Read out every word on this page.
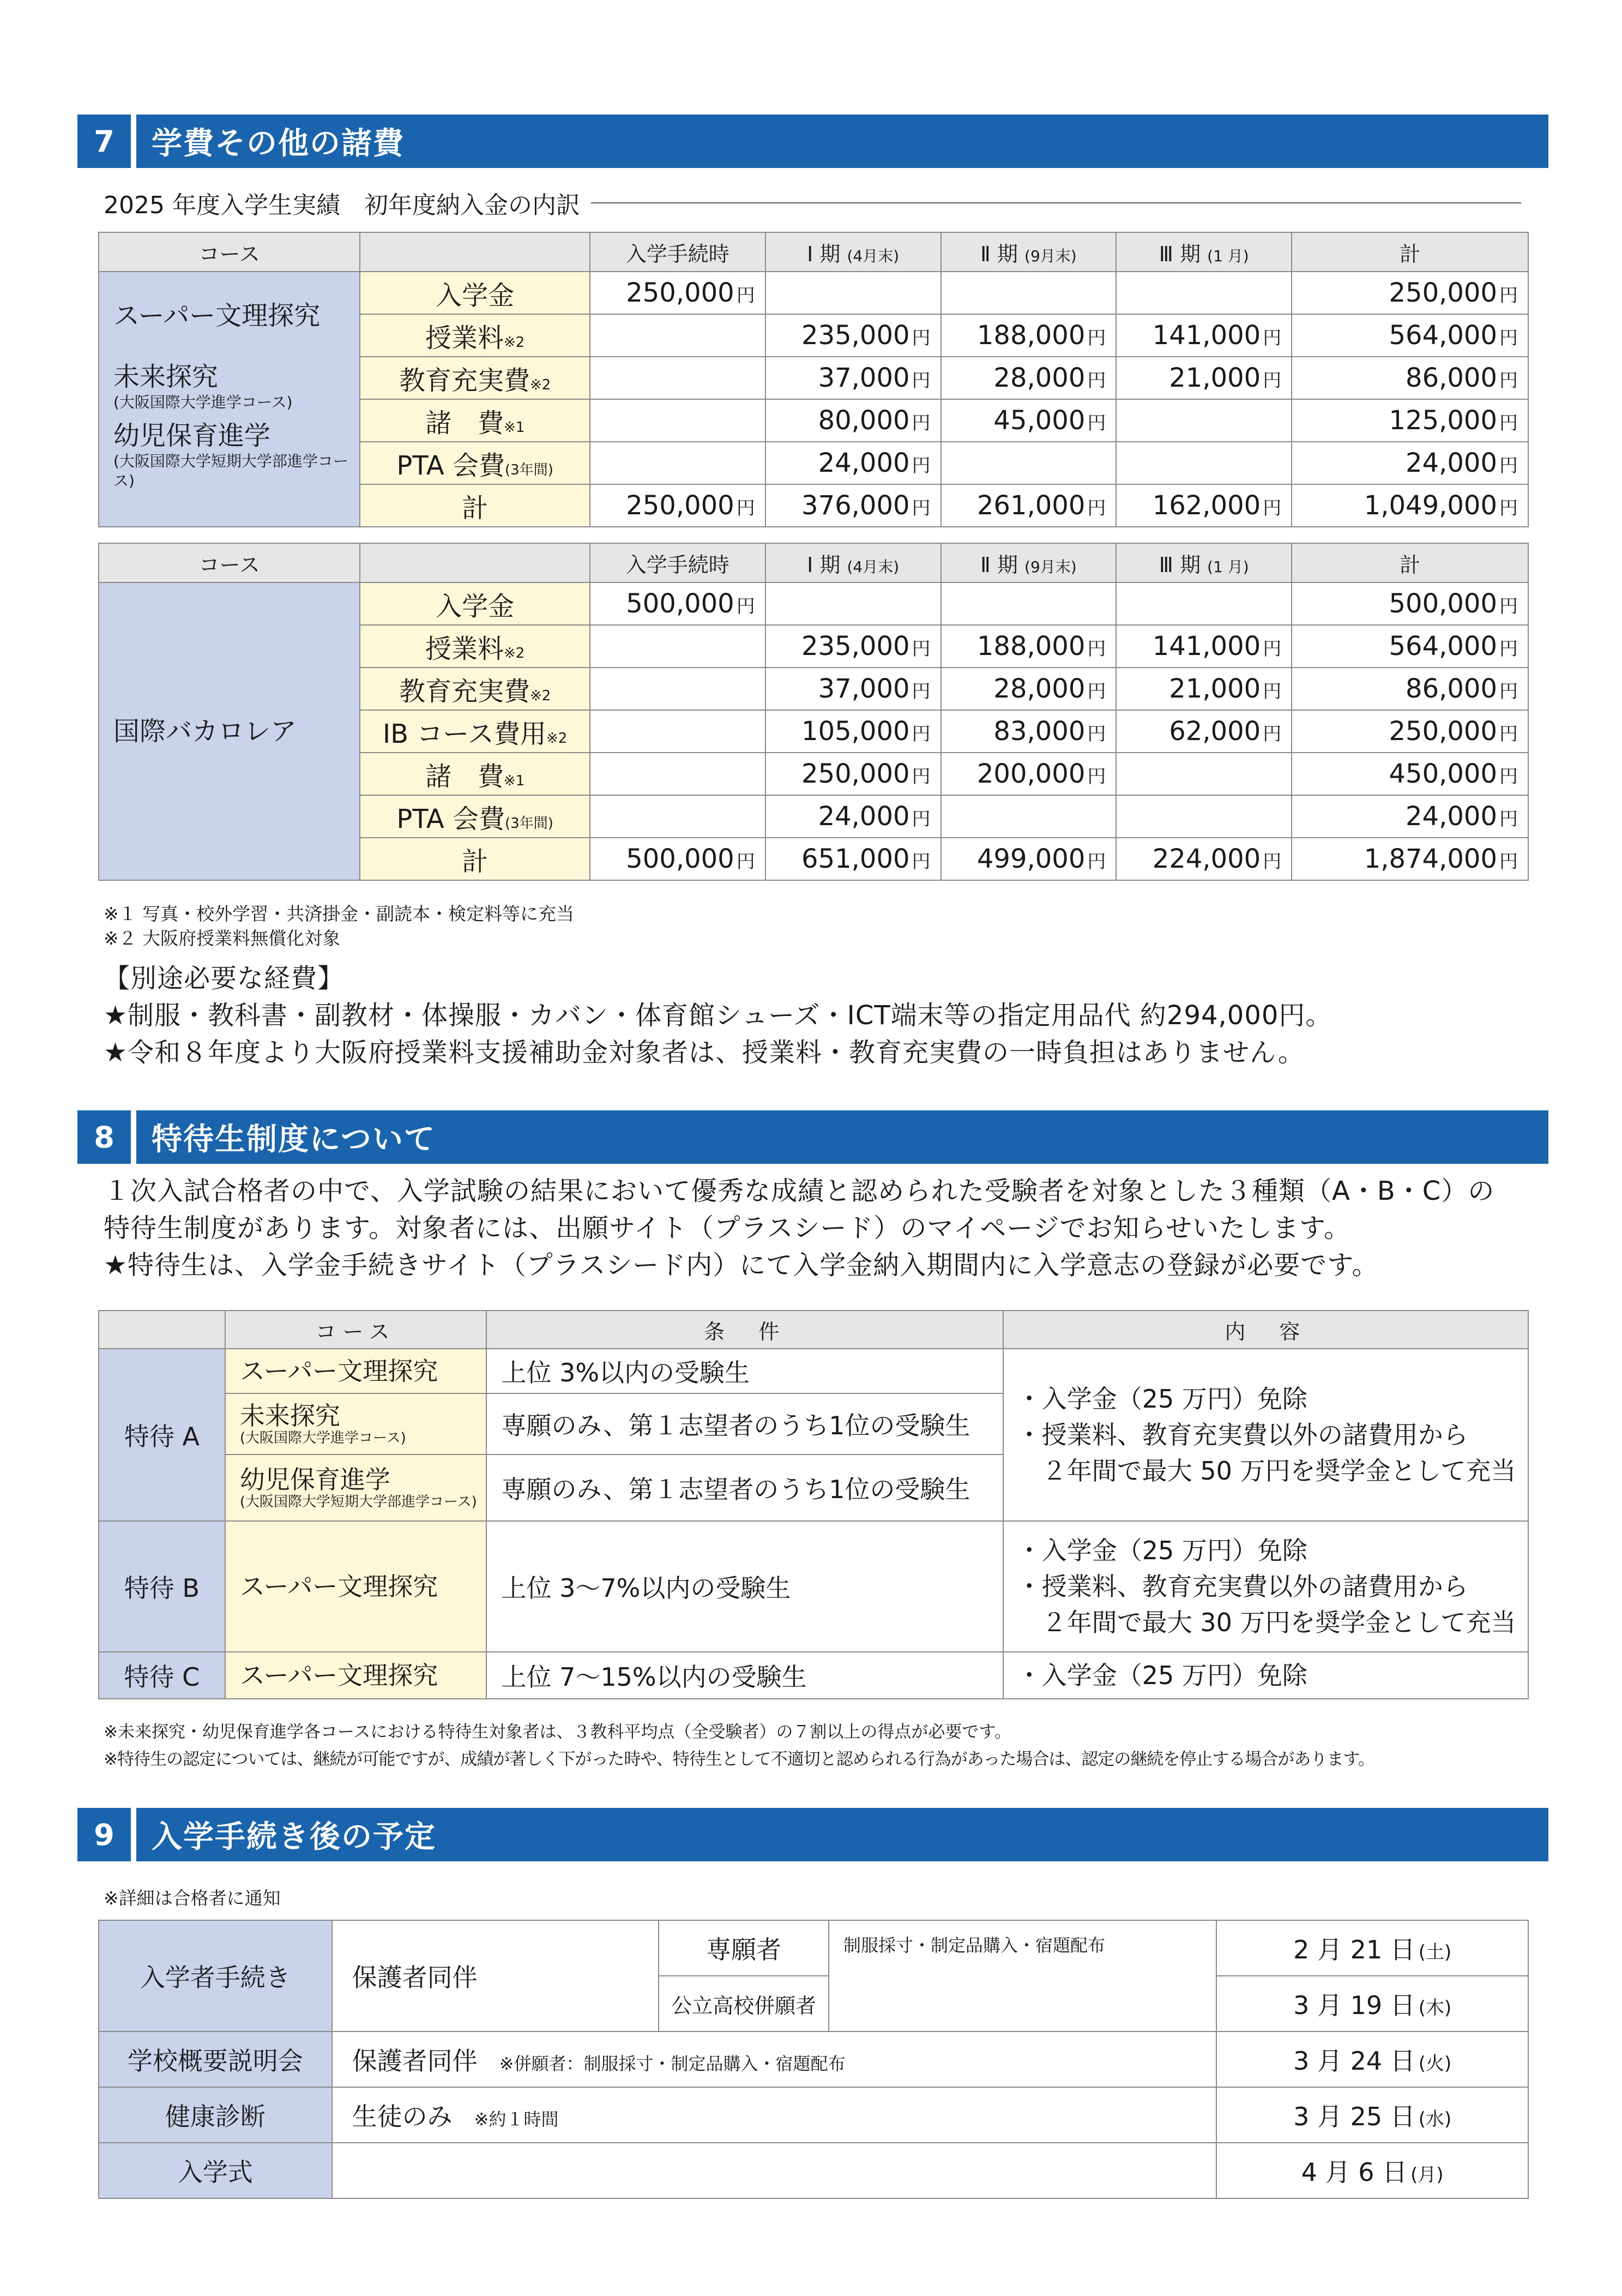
7	学費その他の諸費
2025 年度入学生実績　初年度納入金の内訳
コース		入学手続時	Ⅰ 期 (4月末)	Ⅱ 期 (9月末)	Ⅲ 期 (1 月)	計

スーパー文理探究
未来探究
(大阪国際大学進学コース)
幼児保育進学
(大阪国際大学短期大学部進学コース)	入学金	250,000 円				250,000 円
	授業料※2		235,000 円	188,000 円	141,000 円	564,000 円
	教育充実費※2		37,000 円	28,000 円	21,000 円	86,000 円
	諸　費※1		80,000 円	45,000 円		125,000 円
	PTA 会費(3年間)		24,000 円			24,000 円
	計	250,000 円	376,000 円	261,000 円	162,000 円	1,049,000 円
コース		入学手続時	Ⅰ 期 (4月末)	Ⅱ 期 (9月末)	Ⅲ 期 (1 月)	計

国際バカロレア	入学金	500,000 円				500,000 円
	授業料※2		235,000 円	188,000 円	141,000 円	564,000 円
	教育充実費※2		37,000 円	28,000 円	21,000 円	86,000 円
	IB コース費用※2		105,000 円	83,000 円	62,000 円	250,000 円
	諸　費※1		250,000 円	200,000 円		450,000 円
	PTA 会費(3年間)		24,000 円			24,000 円
	計	500,000 円	651,000 円	499,000 円	224,000 円	1,874,000 円
※１ 写真・校外学習・共済掛金・副読本・検定料等に充当
※２ 大阪府授業料無償化対象
【別途必要な経費】
★制服・教科書・副教材・体操服・カバン・体育館シューズ・ICT端末等の指定用品代 約294,000円。
★令和８年度より大阪府授業料支援補助金対象者は、授業料・教育充実費の一時負担はありません。
8	特待生制度について
１次入試合格者の中で、入学試験の結果において優秀な成績と認められた受験者を対象とした３種類（A・B・C）の
特待生制度があります。対象者には、出願サイト（プラスシード）のマイページでお知らせいたします。
★特待生は、入学金手続きサイト（プラスシード内）にて入学金納入期間内に入学意志の登録が必要です。
	コース	条　件	内　容
特待 A	スーパー文理探究	上位 3%以内の受験生	・入学金（25 万円）免除
・授業料、教育充実費以外の諸費用から
　２年間で最大 50 万円を奨学金として充当

	未来探究
(大阪国際大学進学コース)	専願のみ、第１志望者のうち1位の受験生	

	幼児保育進学
(大阪国際大学短期大学部進学コース)	専願のみ、第１志望者のうち1位の受験生	
特待 B	スーパー文理探究	上位 3〜7%以内の受験生	・入学金（25 万円）免除
・授業料、教育充実費以外の諸費用から
　２年間で最大 30 万円を奨学金として充当

特待 C	スーパー文理探究	上位 7〜15%以内の受験生	・入学金（25 万円）免除
※未来探究・幼児保育進学各コースにおける特待生対象者は、３教科平均点（全受験者）の７割以上の得点が必要です。
※特待生の認定については、継続が可能ですが、成績が著しく下がった時や、特待生として不適切と認められる行為があった場合は、認定の継続を停止する場合があります。
9	入学手続き後の予定
※詳細は合格者に通知
入学者手続き	保護者同伴	専願者	制服採寸・制定品購入・宿題配布	2 月 21 日 (土)
		公立高校併願者		3 月 19 日 (木)
学校概要説明会	保護者同伴 ※併願者：制服採寸・制定品購入・宿題配布			3 月 24 日 (火)
健康診断	生徒のみ ※約１時間			3 月 25 日 (水)
入学式				4 月 6 日 (月)
